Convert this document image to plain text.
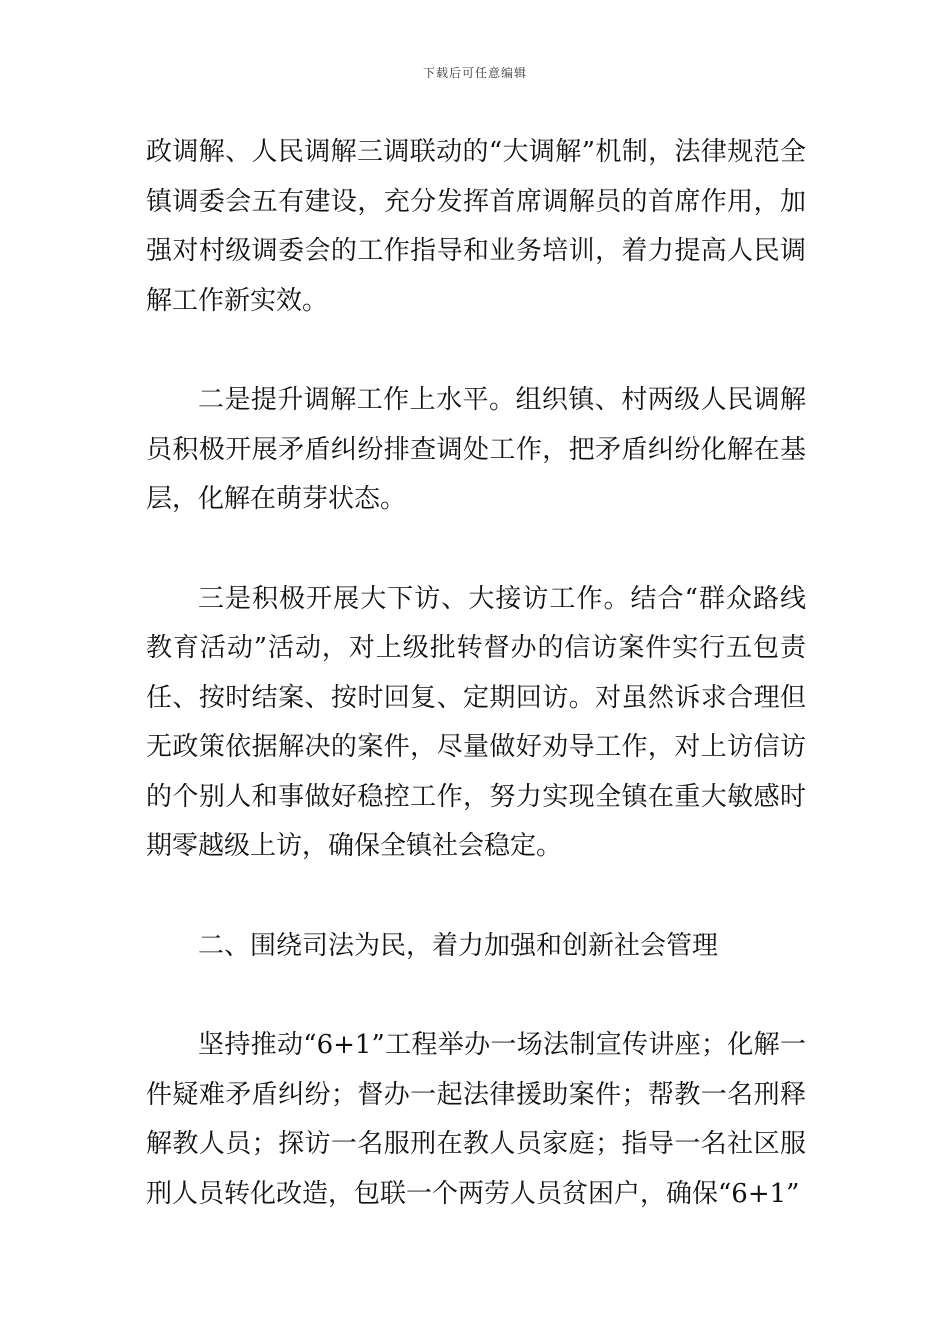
下载后可任意编辑

政调解、人民调解三调联动的“大调解”机制，法律规范全镇调委会五有建设，充分发挥首席调解员的首席作用，加强对村级调委会的工作指导和业务培训，着力提高人民调解工作新实效。

二是提升调解工作上水平。组织镇、村两级人民调解员积极开展矛盾纠纷排查调处工作，把矛盾纠纷化解在基层，化解在萌芽状态。

三是积极开展大下访、大接访工作。结合“群众路线教育活动”活动，对上级批转督办的信访案件实行五包责任、按时结案、按时回复、定期回访。对虽然诉求合理但无政策依据解决的案件，尽量做好劝导工作，对上访信访的个别人和事做好稳控工作，努力实现全镇在重大敏感时期零越级上访，确保全镇社会稳定。

二、围绕司法为民，着力加强和创新社会管理

坚持推动“6+1”工程举办一场法制宣传讲座；化解一件疑难矛盾纠纷；督办一起法律援助案件；帮教一名刑释解教人员；探访一名服刑在教人员家庭；指导一名社区服刑人员转化改造，包联一个两劳人员贫困户，确保“6+1”
